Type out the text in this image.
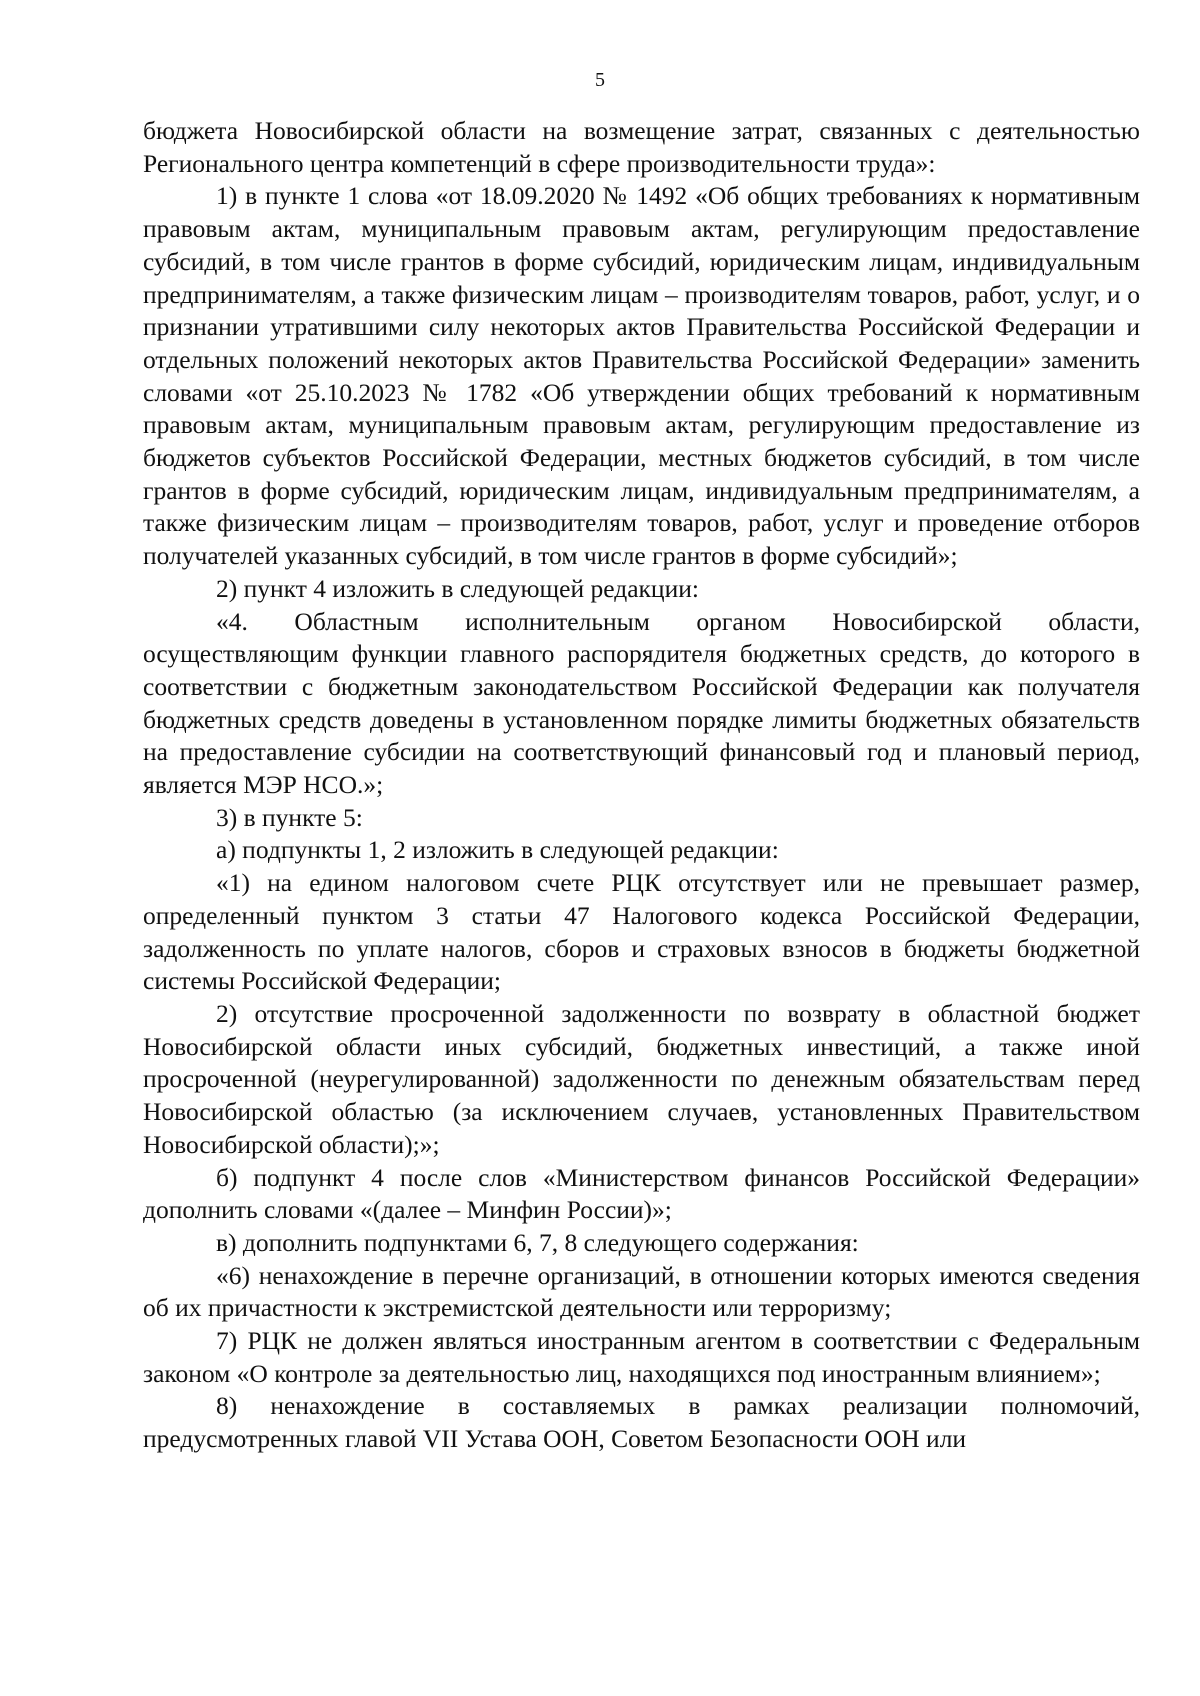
5

бюджета Новосибирской области на возмещение затрат, связанных с деятельностью Регионального центра компетенций в сфере производительности труда»:

1) в пункте 1 слова «от 18.09.2020 № 1492 «Об общих требованиях к нормативным правовым актам, муниципальным правовым актам, регулирующим предоставление субсидий, в том числе грантов в форме субсидий, юридическим лицам, индивидуальным предпринимателям, а также физическим лицам – производителям товаров, работ, услуг, и о признании утратившими силу некоторых актов Правительства Российской Федерации и отдельных положений некоторых актов Правительства Российской Федерации» заменить словами «от 25.10.2023 № 1782 «Об утверждении общих требований к нормативным правовым актам, муниципальным правовым актам, регулирующим предоставление из бюджетов субъектов Российской Федерации, местных бюджетов субсидий, в том числе грантов в форме субсидий, юридическим лицам, индивидуальным предпринимателям, а также физическим лицам – производителям товаров, работ, услуг и проведение отборов получателей указанных субсидий, в том числе грантов в форме субсидий»;

2) пункт 4 изложить в следующей редакции:

«4. Областным исполнительным органом Новосибирской области, осуществляющим функции главного распорядителя бюджетных средств, до которого в соответствии с бюджетным законодательством Российской Федерации как получателя бюджетных средств доведены в установленном порядке лимиты бюджетных обязательств на предоставление субсидии на соответствующий финансовый год и плановый период, является МЭР НСО.»;

3) в пункте 5:

а) подпункты 1, 2 изложить в следующей редакции:

«1) на едином налоговом счете РЦК отсутствует или не превышает размер, определенный пунктом 3 статьи 47 Налогового кодекса Российской Федерации, задолженность по уплате налогов, сборов и страховых взносов в бюджеты бюджетной системы Российской Федерации;

2) отсутствие просроченной задолженности по возврату в областной бюджет Новосибирской области иных субсидий, бюджетных инвестиций, а также иной просроченной (неурегулированной) задолженности по денежным обязательствам перед Новосибирской областью (за исключением случаев, установленных Правительством Новосибирской области);»;

б) подпункт 4 после слов «Министерством финансов Российской Федерации» дополнить словами «(далее – Минфин России)»;

в) дополнить подпунктами 6, 7, 8 следующего содержания:

«6) ненахождение в перечне организаций, в отношении которых имеются сведения об их причастности к экстремистской деятельности или терроризму;

7) РЦК не должен являться иностранным агентом в соответствии с Федеральным законом «О контроле за деятельностью лиц, находящихся под иностранным влиянием»;

8) ненахождение в составляемых в рамках реализации полномочий, предусмотренных главой VII Устава ООН, Советом Безопасности ООН или
